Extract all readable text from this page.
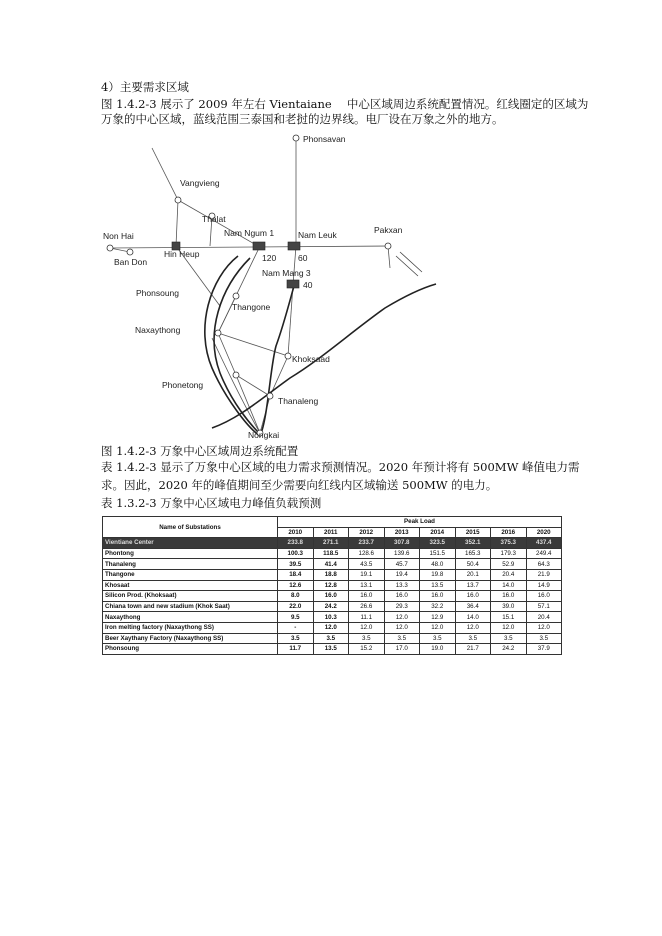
4）主要需求区域
图 1.4.2-3 展示了 2009 年左右 Vientaiane　 中心区域周边系统配置情况。红线圈定的区域为
万象的中心区域，蓝线范围三泰国和老挝的边界线。电厂设在万象之外的地方。
Phonsavan
Vangvieng
Thalat
Nam Ngum 1	Nam Leuk	Pakxan
Non Hai
Ban Don
Hin Heup	120	60
Nam Mang 3
40
Phonsoung
Thangone
Naxaythong
Khoksaad
Phonetong
Thanaleng
Nongkai
图 1.4.2-3 万象中心区域周边系统配置
表 1.4.2-3 显示了万象中心区域的电力需求预测情况。2020 年预计将有 500MW 峰值电力需
求。因此，2020 年的峰值期间至少需要向红线内区域输送 500MW 的电力。
表 1.3.2-3 万象中心区域电力峰值负载预测
Name of Substations	Peak Load							
	2010	2011	2012	2013	2014	2015	2016	2020
Vientiane Center	233.8	271.1	233.7	307.8	323.5	352.1	375.3	437.4
Phontong	100.3	118.5	128.6	139.6	151.5	165.3	179.3	249.4
Thanaleng	39.5	41.4	43.5	45.7	48.0	50.4	52.9	64.3
Thangone	18.4	18.8	19.1	19.4	19.8	20.1	20.4	21.9
Khosaat	12.6	12.8	13.1	13.3	13.5	13.7	14.0	14.9
Silicon Prod. (Khoksaat)	8.0	16.0	16.0	16.0	16.0	16.0	16.0	16.0
Chiana town and new stadium (Khok Saat)	22.0	24.2	26.6	29.3	32.2	36.4	39.0	57.1
Naxaythong	9.5	10.3	11.1	12.0	12.9	14.0	15.1	20.4
Iron melting factory (Naxaythong SS)	-	12.0	12.0	12.0	12.0	12.0	12.0	12.0
Beer Xaythany Factory (Naxaythong SS)	3.5	3.5	3.5	3.5	3.5	3.5	3.5	3.5
Phonsoung	11.7	13.5	15.2	17.0	19.0	21.7	24.2	37.9
